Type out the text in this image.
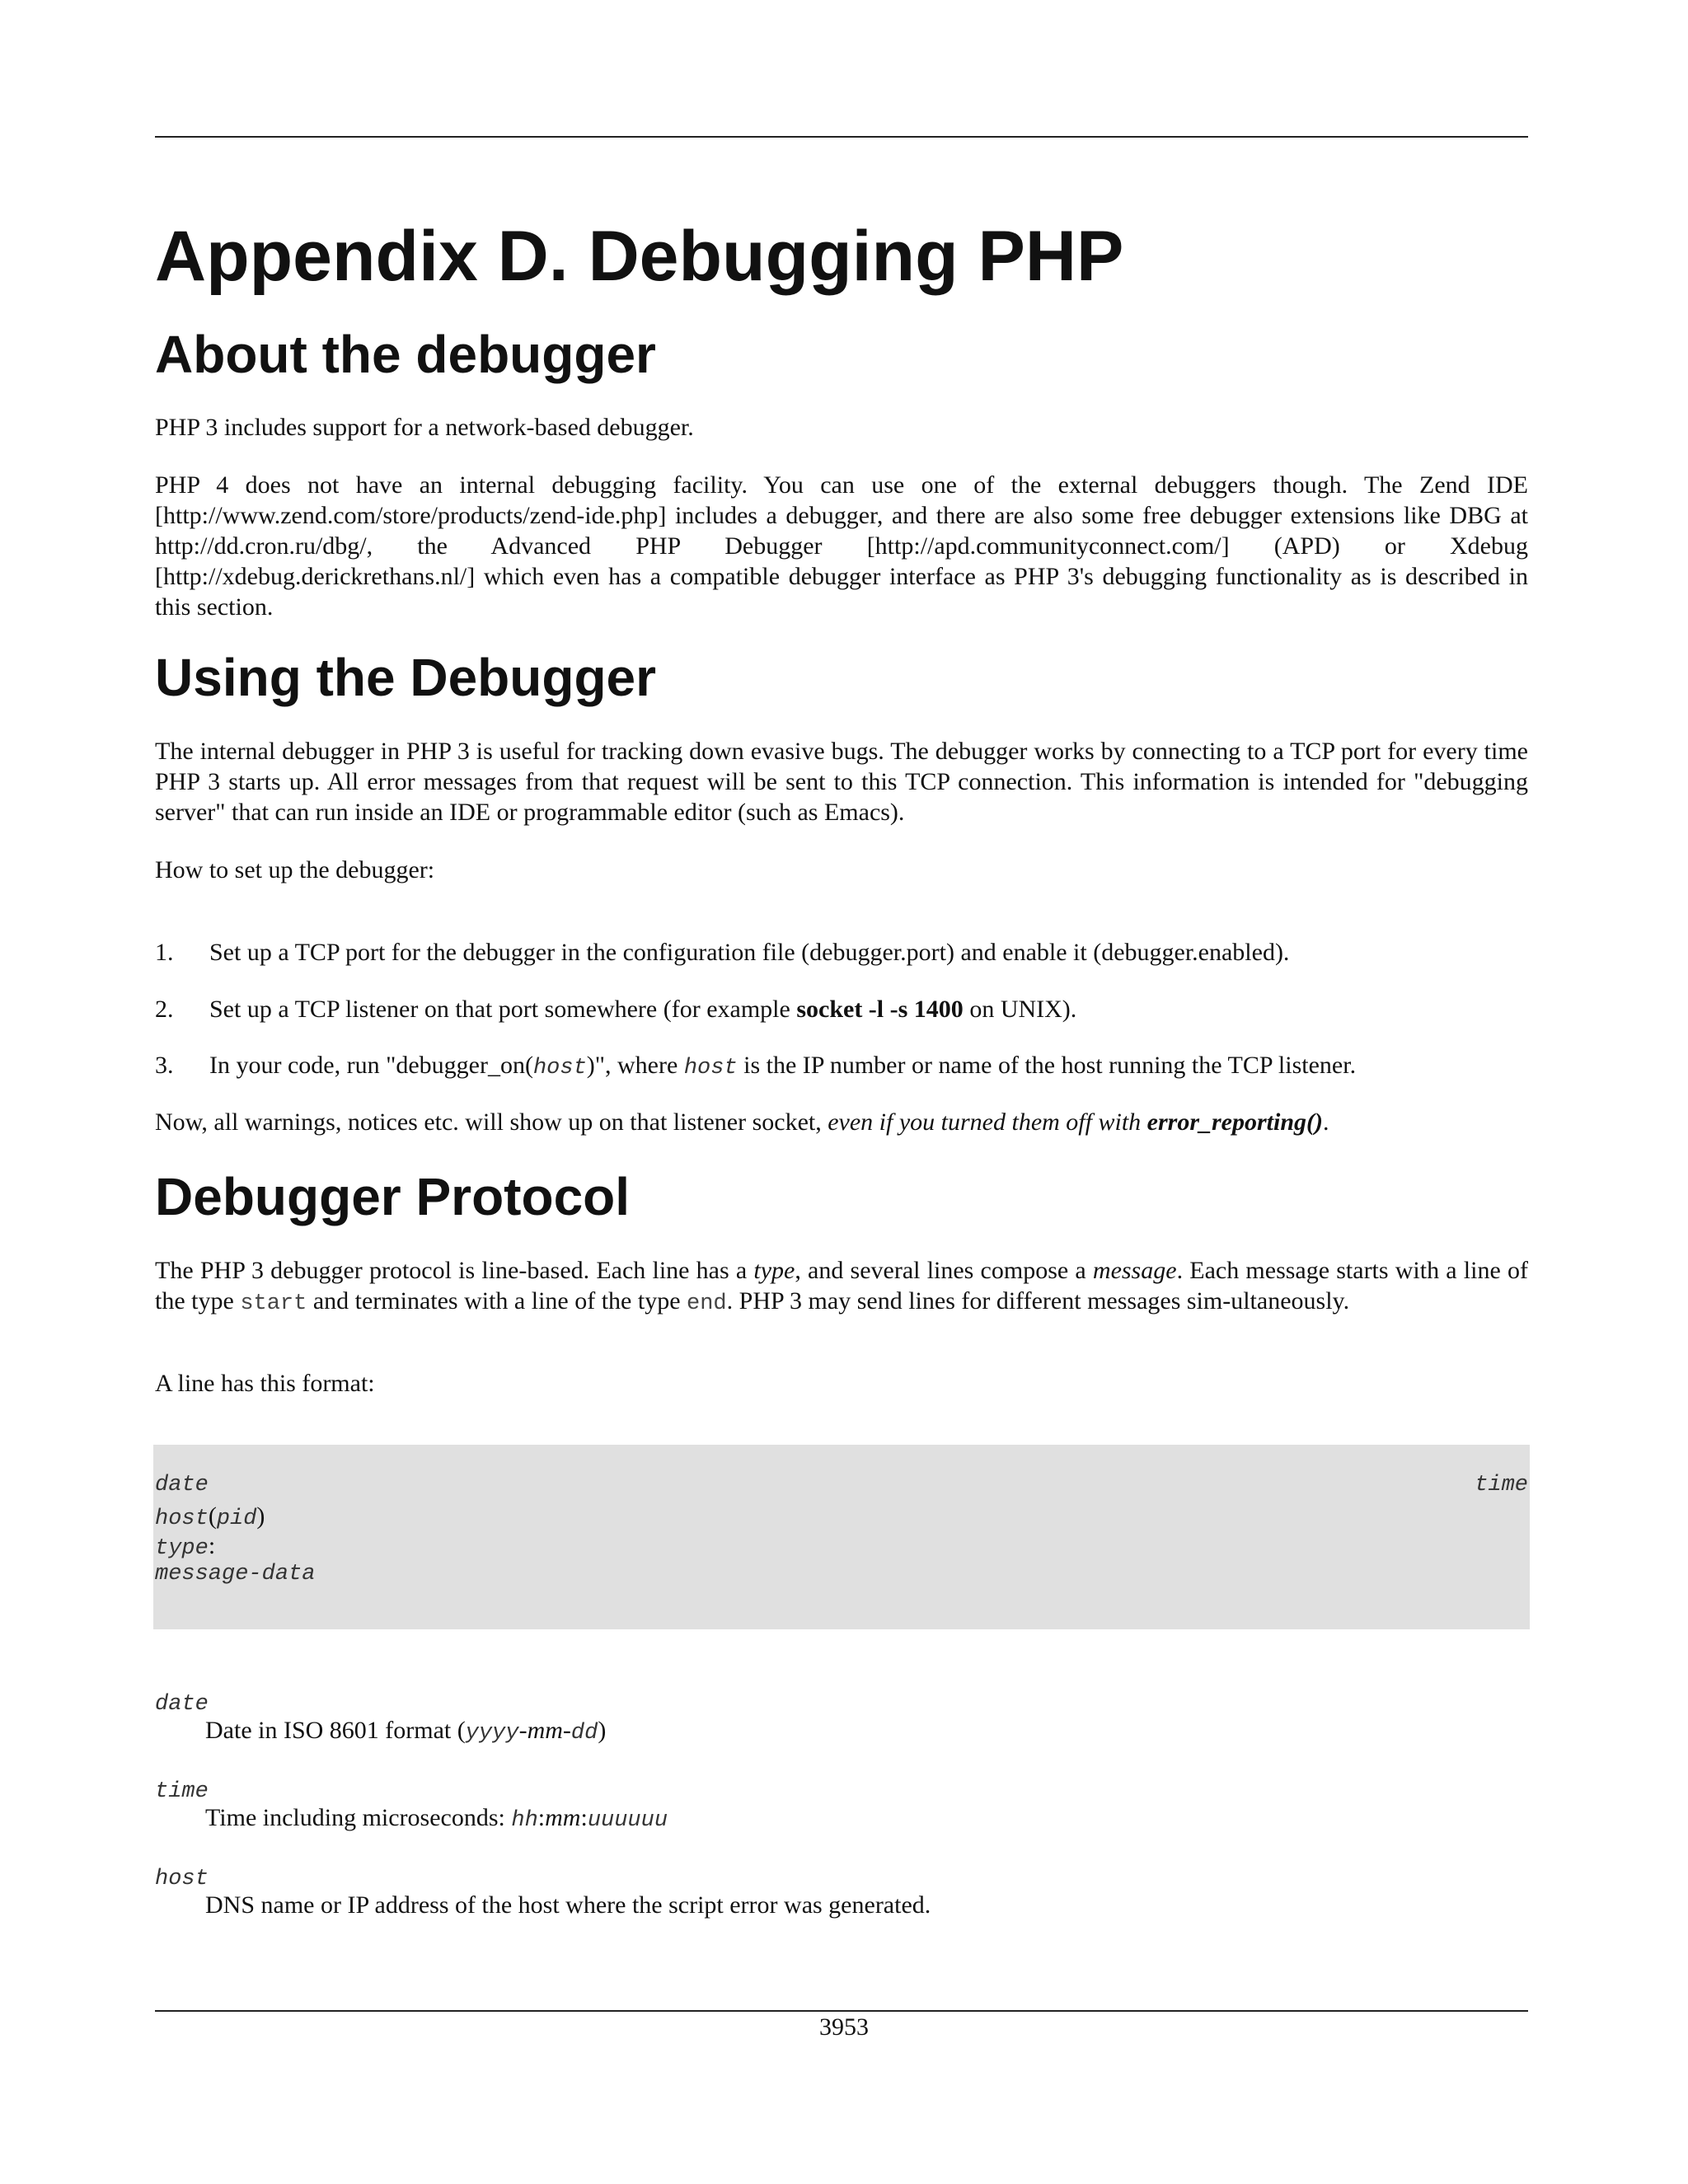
Appendix D. Debugging PHP
About the debugger

PHP 3 includes support for a network-based debugger.

PHP 4 does not have an internal debugging facility. You can use one of the external debuggers though. The Zend IDE [http://www.zend.com/store/products/zend-ide.php] includes a debugger, and there are also some free debugger extensions like DBG at http://dd.cron.ru/dbg/, the Advanced PHP Debugger [http://apd.communityconnect.com/] (APD) or Xdebug [http://xdebug.derickrethans.nl/] which even has a compatible debugger interface as PHP 3's debugging functionality as is described in this section.

Using the Debugger

The internal debugger in PHP 3 is useful for tracking down evasive bugs. The debugger works by connecting to a TCP port for every time PHP 3 starts up. All error messages from that request will be sent to this TCP connection. This information is intended for "debugging server" that can run inside an IDE or programmable editor (such as Emacs).

How to set up the debugger:

1. Set up a TCP port for the debugger in the configuration file (debugger.port) and enable it (debugger.enabled).
2. Set up a TCP listener on that port somewhere (for example socket -l -s 1400 on UNIX).
3. In your code, run "debugger_on(host)", where host is the IP number or name of the host running the TCP listener.

Now, all warnings, notices etc. will show up on that listener socket, even if you turned them off with error_reporting().

Debugger Protocol

The PHP 3 debugger protocol is line-based. Each line has a type, and several lines compose a message. Each message starts with a line of the type start and terminates with a line of the type end. PHP 3 may send lines for different messages sim-ultaneously.

A line has this format:

date	time
host(pid)
type:
message-data
date
Date in ISO 8601 format (yyyy-mm-dd)
time
Time including microseconds: hh:mm:uuuuuu
host
DNS name or IP address of the host where the script error was generated.
3953
